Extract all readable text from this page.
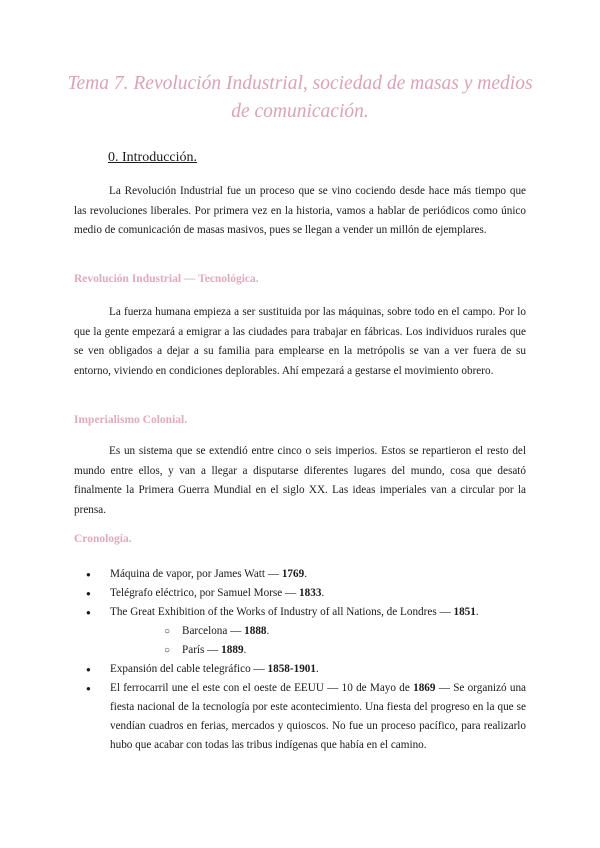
Tema 7. Revolución Industrial, sociedad de masas y medios de comunicación.
0. Introducción.
La Revolución Industrial fue un proceso que se vino cociendo desde hace más tiempo que las revoluciones liberales. Por primera vez en la historia, vamos a hablar de periódicos como único medio de comunicación de masas masivos, pues se llegan a vender un millón de ejemplares.
Revolución Industrial — Tecnológica.
La fuerza humana empieza a ser sustituida por las máquinas, sobre todo en el campo. Por lo que la gente empezará a emigrar a las ciudades para trabajar en fábricas. Los individuos rurales que se ven obligados a dejar a su familia para emplearse en la metrópolis se van a ver fuera de su entorno, viviendo en condiciones deplorables. Ahí empezará a gestarse el movimiento obrero.
Imperialismo Colonial.
Es un sistema que se extendió entre cinco o seis imperios. Estos se repartieron el resto del mundo entre ellos, y van a llegar a disputarse diferentes lugares del mundo, cosa que desató finalmente la Primera Guerra Mundial en el siglo XX. Las ideas imperiales van a circular por la prensa.
Cronología.
● Máquina de vapor, por James Watt — 1769.
● Telégrafo eléctrico, por Samuel Morse — 1833.
● The Great Exhibition of the Works of Industry of all Nations, de Londres — 1851.
○ Barcelona — 1888.
○ París — 1889.
● Expansión del cable telegráfico — 1858-1901.
● El ferrocarril une el este con el oeste de EEUU — 10 de Mayo de 1869 — Se organizó una fiesta nacional de la tecnología por este acontecimiento. Una fiesta del progreso en la que se vendían cuadros en ferias, mercados y quioscos. No fue un proceso pacífico, para realizarlo hubo que acabar con todas las tribus indígenas que había en el camino.
